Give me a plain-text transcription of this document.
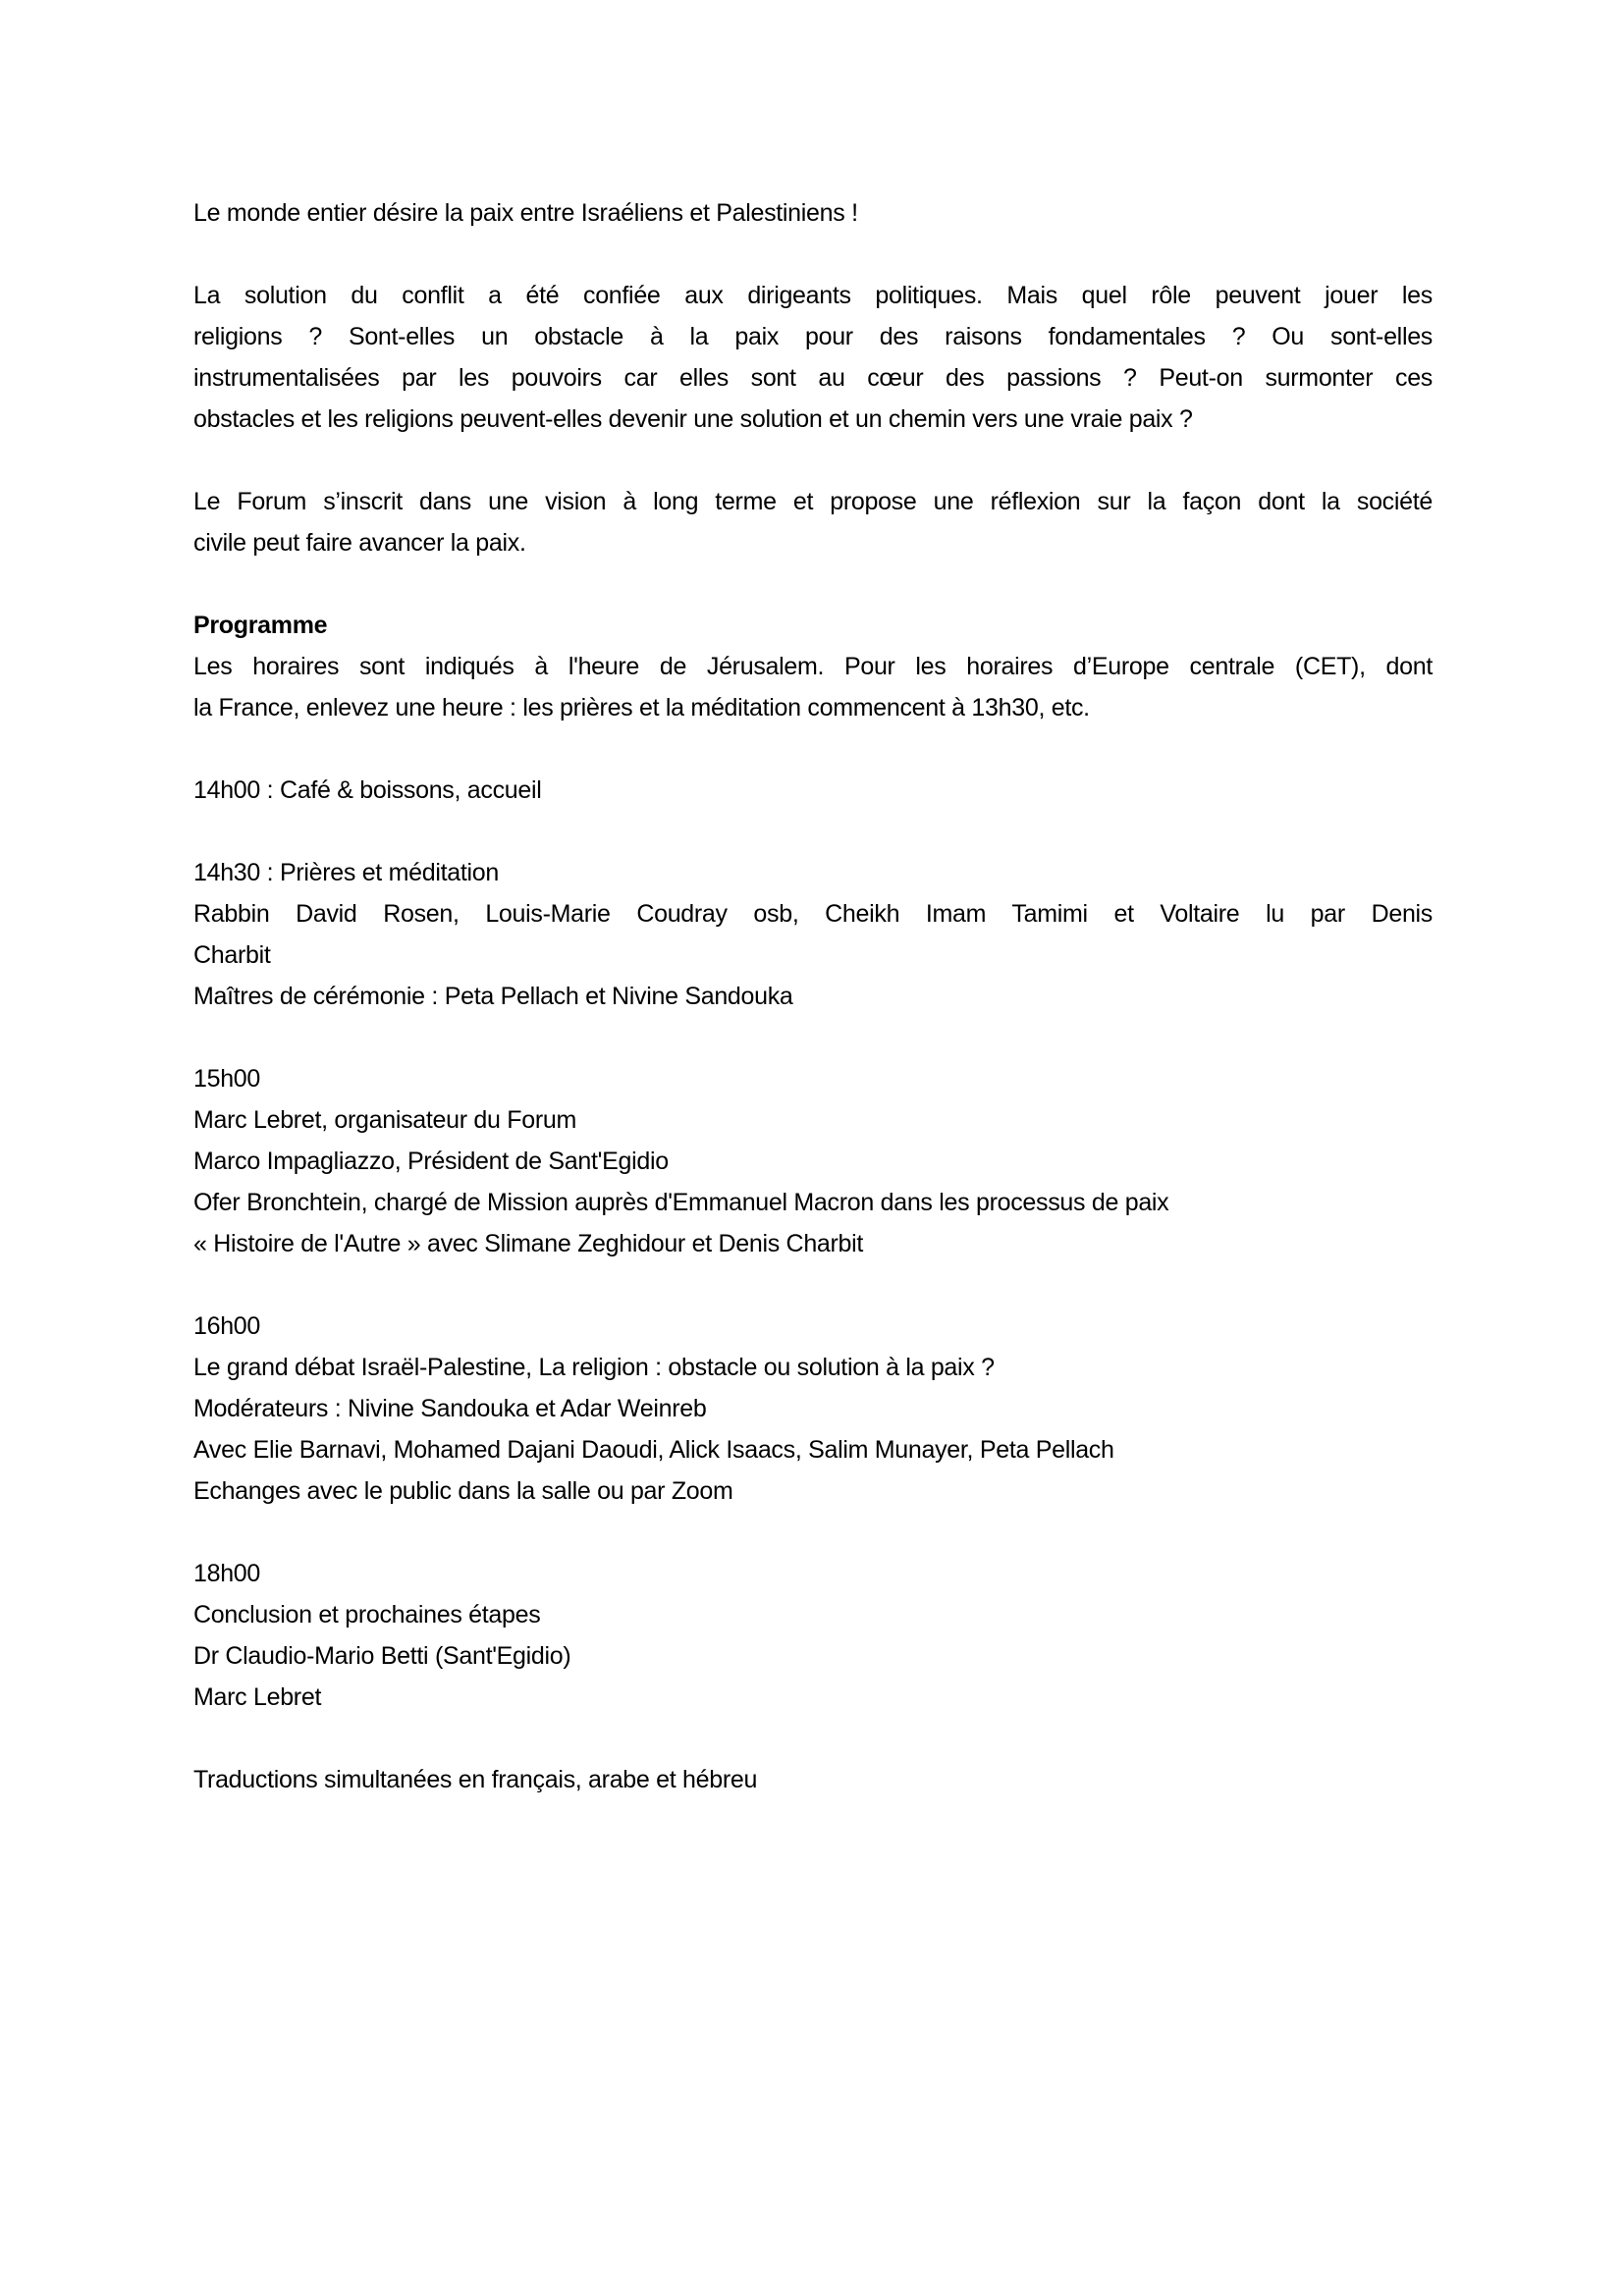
Le monde entier désire la paix entre Israéliens et Palestiniens !
La solution du conflit a été confiée aux dirigeants politiques. Mais quel rôle peuvent jouer les
religions ? Sont-elles un obstacle à la paix pour des raisons fondamentales ? Ou sont-elles
instrumentalisées par les pouvoirs car elles sont au cœur des passions ? Peut-on surmonter ces
obstacles et les religions peuvent-elles devenir une solution et un chemin vers une vraie paix ?
Le Forum s’inscrit dans une vision à long terme et propose une réflexion sur la façon dont la société
civile peut faire avancer la paix.
Programme
Les horaires sont indiqués à l'heure de Jérusalem. Pour les horaires d’Europe centrale (CET), dont
la France, enlevez une heure : les prières et la méditation commencent à 13h30, etc.
14h00 : Café & boissons, accueil
14h30 : Prières et méditation
Rabbin David Rosen, Louis-Marie Coudray osb, Cheikh Imam Tamimi et Voltaire lu par Denis
Charbit
Maîtres de cérémonie : Peta Pellach et Nivine Sandouka
15h00
Marc Lebret, organisateur du Forum
Marco Impagliazzo, Président de Sant'Egidio
Ofer Bronchtein, chargé de Mission auprès d'Emmanuel Macron dans les processus de paix
« Histoire de l'Autre » avec Slimane Zeghidour et Denis Charbit
16h00
Le grand débat Israël-Palestine, La religion : obstacle ou solution à la paix ?
Modérateurs : Nivine Sandouka et Adar Weinreb
Avec Elie Barnavi, Mohamed Dajani Daoudi, Alick Isaacs, Salim Munayer, Peta Pellach
Echanges avec le public dans la salle ou par Zoom
18h00
Conclusion et prochaines étapes
Dr Claudio-Mario Betti (Sant'Egidio)
Marc Lebret
Traductions simultanées en français, arabe et hébreu
